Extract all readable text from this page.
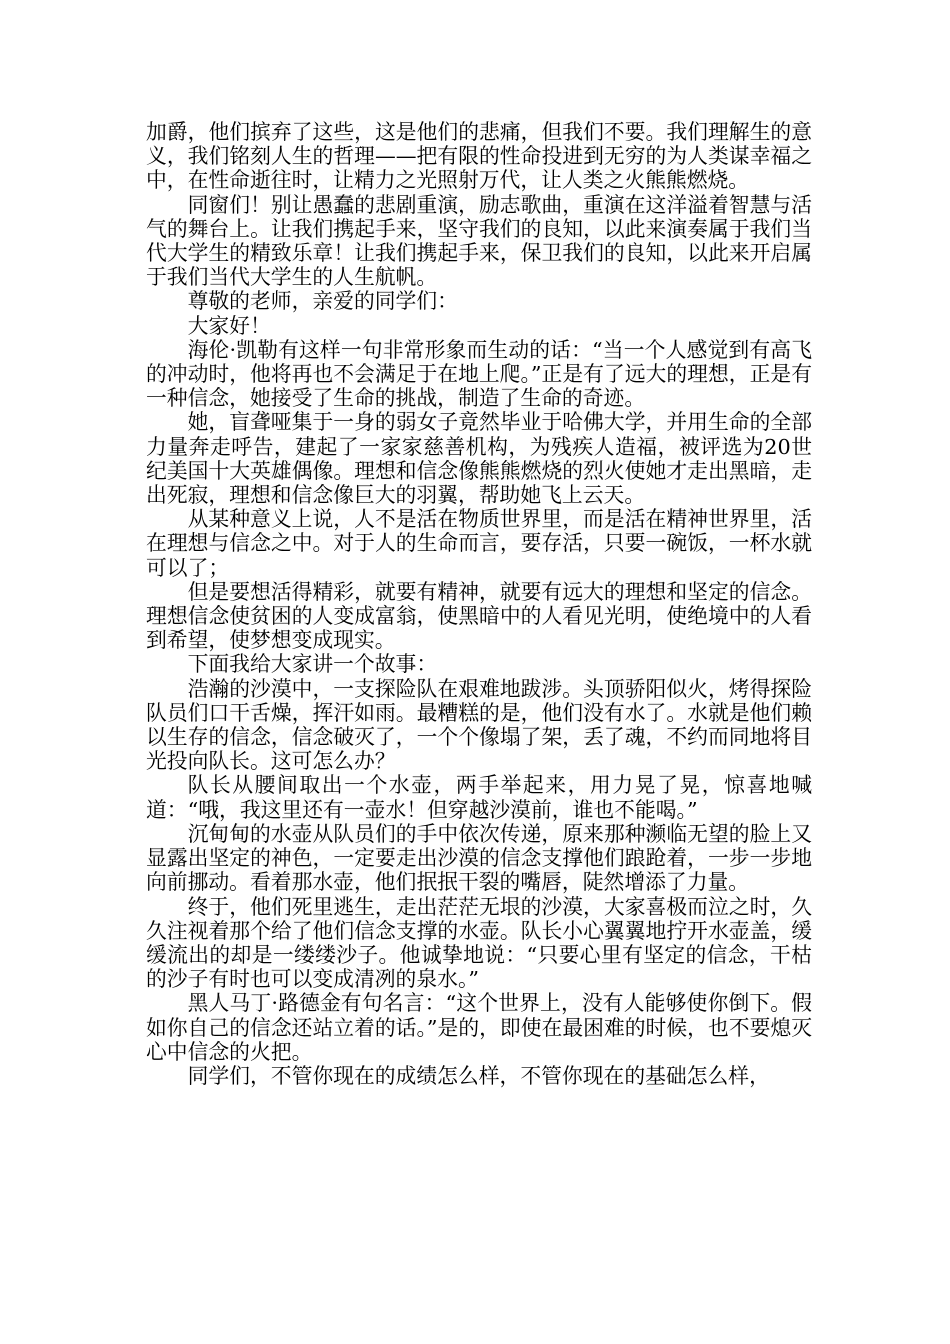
加爵，他们摈弃了这些，这是他们的悲痛，但我们不要。我们理解生的意义，我们铭刻人生的哲理——把有限的性命投进到无穷的为人类谋幸福之中，在性命逝往时，让精力之光照射万代，让人类之火熊熊燃烧。

同窗们！别让愚蠢的悲剧重演，励志歌曲，重演在这洋溢着智慧与活气的舞台上。让我们携起手来，坚守我们的良知，以此来演奏属于我们当代大学生的精致乐章！让我们携起手来，保卫我们的良知，以此来开启属于我们当代大学生的人生航帆。

尊敬的老师，亲爱的同学们：

大家好！

海伦·凯勒有这样一句非常形象而生动的话：“当一个人感觉到有高飞的冲动时，他将再也不会满足于在地上爬。”正是有了远大的理想，正是有一种信念，她接受了生命的挑战，制造了生命的奇迹。

她，盲聋哑集于一身的弱女子竟然毕业于哈佛大学，并用生命的全部力量奔走呼告，建起了一家家慈善机构，为残疾人造福，被评选为20世纪美国十大英雄偶像。理想和信念像熊熊燃烧的烈火使她才走出黑暗，走出死寂，理想和信念像巨大的羽翼，帮助她飞上云天。

从某种意义上说，人不是活在物质世界里，而是活在精神世界里，活在理想与信念之中。对于人的生命而言，要存活，只要一碗饭，一杯水就可以了；

但是要想活得精彩，就要有精神，就要有远大的理想和坚定的信念。理想信念使贫困的人变成富翁，使黑暗中的人看见光明，使绝境中的人看到希望，使梦想变成现实。

下面我给大家讲一个故事：

浩瀚的沙漠中，一支探险队在艰难地跋涉。头顶骄阳似火，烤得探险队员们口干舌燥，挥汗如雨。最糟糕的是，他们没有水了。水就是他们赖以生存的信念，信念破灭了，一个个像塌了架，丢了魂，不约而同地将目光投向队长。这可怎么办？

队长从腰间取出一个水壶，两手举起来，用力晃了晃，惊喜地喊道：“哦，我这里还有一壶水！但穿越沙漠前，谁也不能喝。”

沉甸甸的水壶从队员们的手中依次传递，原来那种濒临无望的脸上又显露出坚定的神色，一定要走出沙漠的信念支撑他们踉跄着，一步一步地向前挪动。看着那水壶，他们抿抿干裂的嘴唇，陡然增添了力量。

终于，他们死里逃生，走出茫茫无垠的沙漠，大家喜极而泣之时，久久注视着那个给了他们信念支撑的水壶。队长小心翼翼地拧开水壶盖，缓缓流出的却是一缕缕沙子。他诚挚地说：“只要心里有坚定的信念，干枯的沙子有时也可以变成清冽的泉水。”

黑人马丁·路德金有句名言：“这个世界上，没有人能够使你倒下。假如你自己的信念还站立着的话。”是的，即使在最困难的时候，也不要熄灭心中信念的火把。

同学们，不管你现在的成绩怎么样，不管你现在的基础怎么样，
